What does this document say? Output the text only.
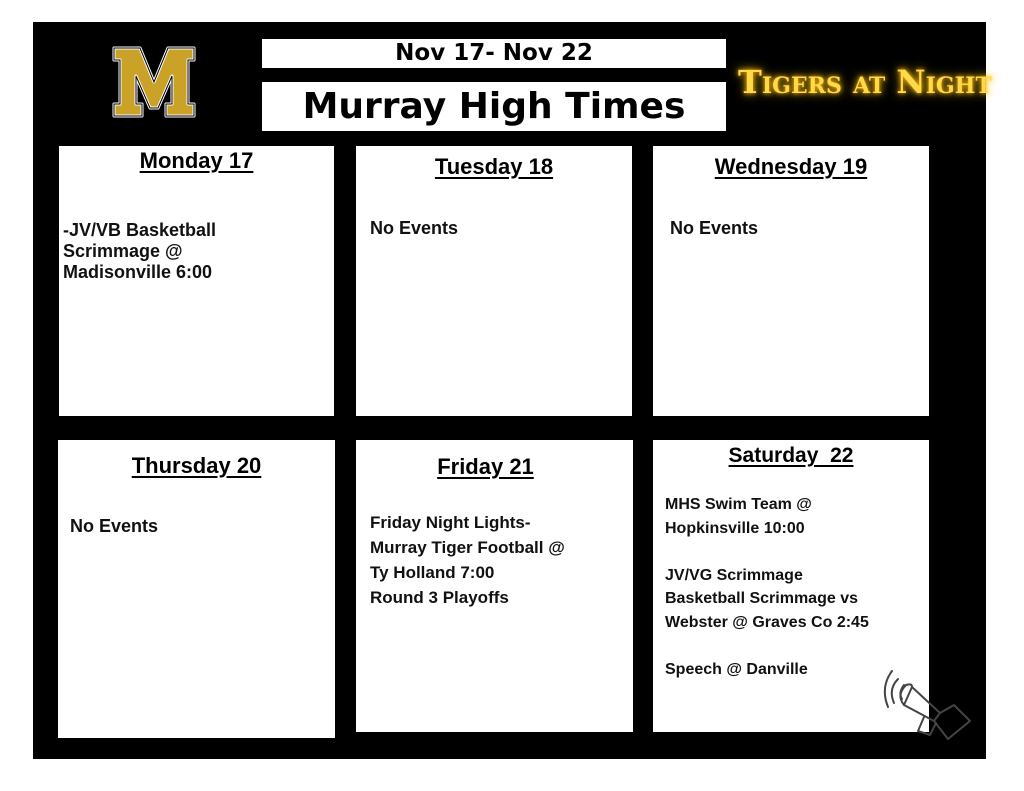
Nov 17- Nov 22
Murray High Times
Tigers at Night
Monday 17
-JV/VB Basketball
Scrimmage @
Madisonville 6:00
Tuesday 18
No Events
Wednesday 19
No Events
Thursday 20
No Events
Friday 21
Friday Night Lights-
Murray Tiger Football @
Ty Holland 7:00
Round 3 Playoffs
Saturday  22
MHS Swim Team @
Hopkinsville 10:00

JV/VG Scrimmage
Basketball Scrimmage vs
Webster @ Graves Co 2:45

Speech @ Danville
